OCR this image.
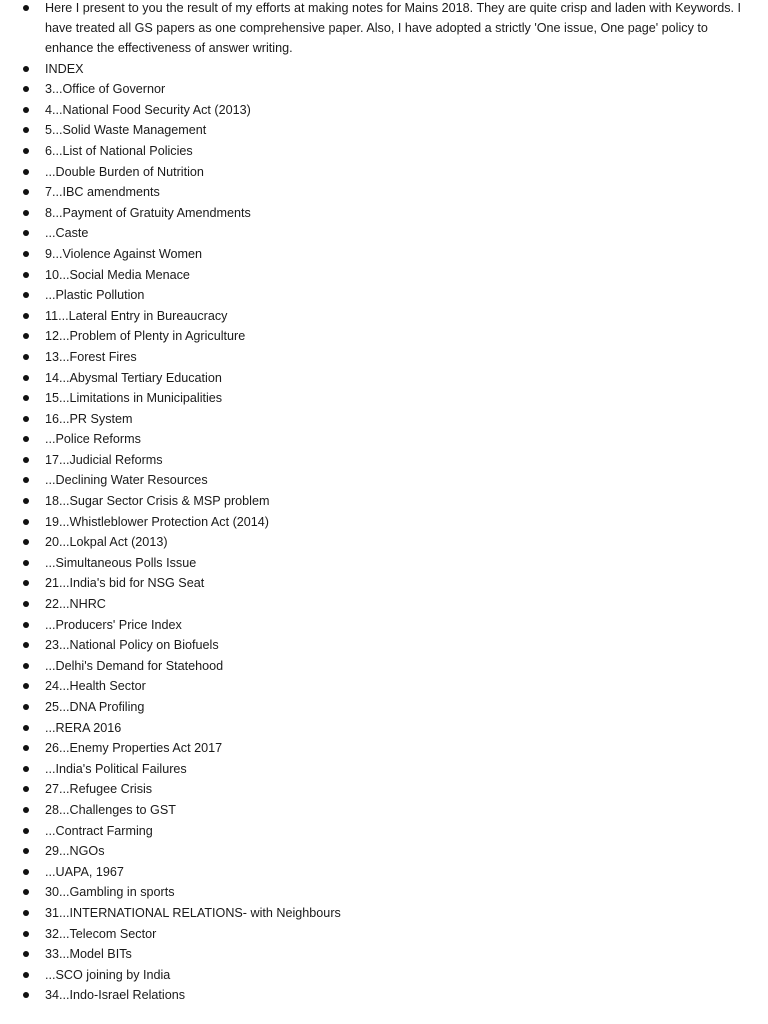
Here I present to you the result of my efforts at making notes for Mains 2018. They are quite crisp and laden with Keywords. I have treated all GS papers as one comprehensive paper. Also, I have adopted a strictly 'One issue, One page' policy to enhance the effectiveness of answer writing.
INDEX
3...Office of Governor
4...National Food Security Act (2013)
5...Solid Waste Management
6...List of National Policies
...Double Burden of Nutrition
7...IBC amendments
8...Payment of Gratuity Amendments
...Caste
9...Violence Against Women
10...Social Media Menace
...Plastic Pollution
11...Lateral Entry in Bureaucracy
12...Problem of Plenty in Agriculture
13...Forest Fires
14...Abysmal Tertiary Education
15...Limitations in Municipalities
16...PR System
...Police Reforms
17...Judicial Reforms
...Declining Water Resources
18...Sugar Sector Crisis & MSP problem
19...Whistleblower Protection Act (2014)
20...Lokpal Act (2013)
...Simultaneous Polls Issue
21...India's bid for NSG Seat
22...NHRC
...Producers' Price Index
23...National Policy on Biofuels
...Delhi's Demand for Statehood
24...Health Sector
25...DNA Profiling
...RERA 2016
26...Enemy Properties Act 2017
...India's Political Failures
27...Refugee Crisis
28...Challenges to GST
...Contract Farming
29...NGOs
...UAPA, 1967
30...Gambling in sports
31...INTERNATIONAL RELATIONS- with Neighbours
32...Telecom Sector
33...Model BITs
...SCO joining by India
34...Indo-Israel Relations
